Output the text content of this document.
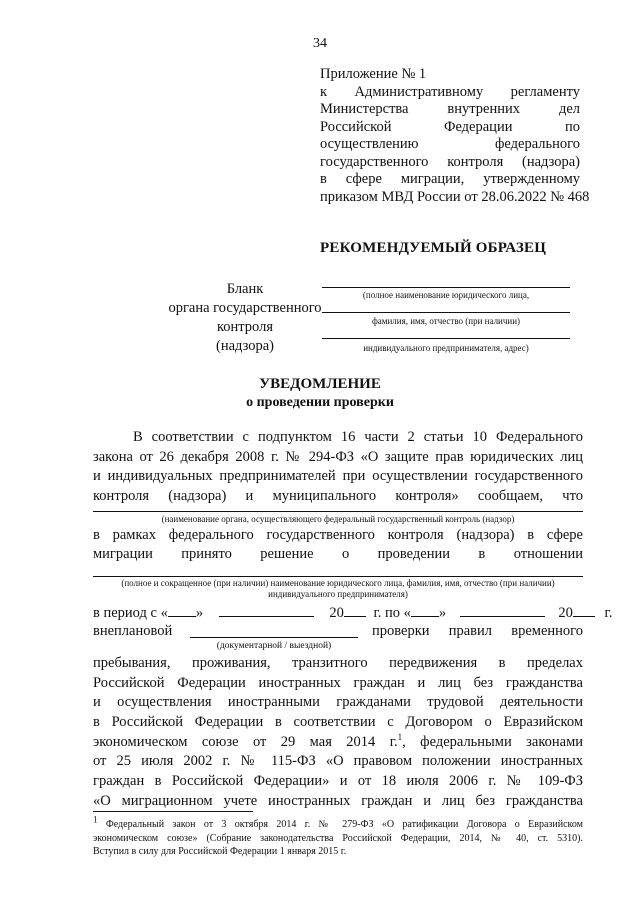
34
Приложение № 1
к Административному регламенту
Министерства внутренних дел
Российской Федерации по
осуществлению федерального
государственного контроля (надзора)
в сфере миграции, утвержденному
приказом МВД России от 28.06.2022 № 468
РЕКОМЕНДУЕМЫЙ ОБРАЗЕЦ
Бланк
органа государственного контроля
(надзора)
(полное наименование юридического лица,
фамилия, имя, отчество (при наличии)
индивидуального предпринимателя, адрес)
УВЕДОМЛЕНИЕ
о проведении проверки
В соответствии с подпунктом 16 части 2 статьи 10 Федерального
закона от 26 декабря 2008 г. № 294-ФЗ «О защите прав юридических лиц
и индивидуальных предпринимателей при осуществлении государственного
контроля (надзора) и муниципального контроля» сообщаем, что
(наименование органа, осуществляющего федеральный государственный контроль (надзор)
в рамках федерального государственного контроля (надзора) в сфере
миграции принято решение о проведении в отношении
(полное и сокращенное (при наличии) наименование юридического лица, фамилия, имя, отчество (при наличии)
индивидуального предпринимателя)
в период с « »	20 г. по « »	20 г.
внеплановой	проверки правил временного
(документарной / выездной)
пребывания, проживания, транзитного передвижения в пределах
Российской Федерации иностранных граждан и лиц без гражданства
и осуществления иностранными гражданами трудовой деятельности
в Российской Федерации в соответствии с Договором о Евразийском
экономическом союзе от 29 мая 2014 г.$^1$, федеральными законами
от 25 июля 2002 г. № 115-ФЗ «О правовом положении иностранных
граждан в Российской Федерации» и от 18 июля 2006 г. № 109-ФЗ
«О миграционном учете иностранных граждан и лиц без гражданства
$^1$ Федеральный закон от 3 октября 2014 г. № 279-ФЗ «О ратификации Договора о Евразийском
экономическом союзе» (Собрание законодательства Российской Федерации, 2014, № 40, ст. 5310).
Вступил в силу для Российской Федерации 1 января 2015 г.
